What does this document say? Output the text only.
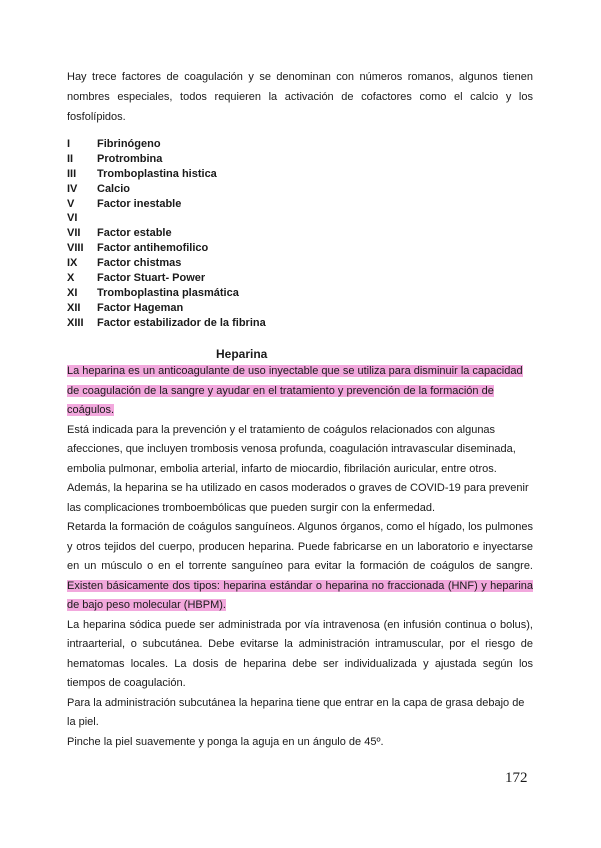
Hay trece factores de coagulación y se denominan con números romanos, algunos tienen nombres especiales, todos requieren la activación de cofactores como el calcio y los fosfolípidos.

I Fibrinógeno
II Protrombina
III Tromboplastina histica
IV Calcio
V Factor inestable
VI
VII Factor estable
VIII Factor antihemofilico
IX Factor chistmas
X Factor Stuart- Power
XI Tromboplastina plasmática
XII Factor Hageman
XIII Factor estabilizador de la fibrina
Heparina

La heparina es un anticoagulante de uso inyectable que se utiliza para disminuir la capacidad de coagulación de la sangre y ayudar en el tratamiento y prevención de la formación de coágulos.

Está indicada para la prevención y el tratamiento de coágulos relacionados con algunas afecciones, que incluyen trombosis venosa profunda, coagulación intravascular diseminada, embolia pulmonar, embolia arterial, infarto de miocardio, fibrilación auricular, entre otros.

Además, la heparina se ha utilizado en casos moderados o graves de COVID-19 para prevenir las complicaciones tromboembólicas que pueden surgir con la enfermedad.

Retarda la formación de coágulos sanguíneos. Algunos órganos, como el hígado, los pulmones y otros tejidos del cuerpo, producen heparina. Puede fabricarse en un laboratorio e inyectarse en un músculo o en el torrente sanguíneo para evitar la formación de coágulos de sangre. Existen básicamente dos tipos: heparina estándar o heparina no fraccionada (HNF) y heparina de bajo peso molecular (HBPM).

La heparina sódica puede ser administrada por vía intravenosa (en infusión continua o bolus), intraarterial, o subcutánea. Debe evitarse la administración intramuscular, por el riesgo de hematomas locales. La dosis de heparina debe ser individualizada y ajustada según los tiempos de coagulación.

Para la administración subcutánea la heparina tiene que entrar en la capa de grasa debajo de la piel.

Pinche la piel suavemente y ponga la aguja en un ángulo de 45º.

172
